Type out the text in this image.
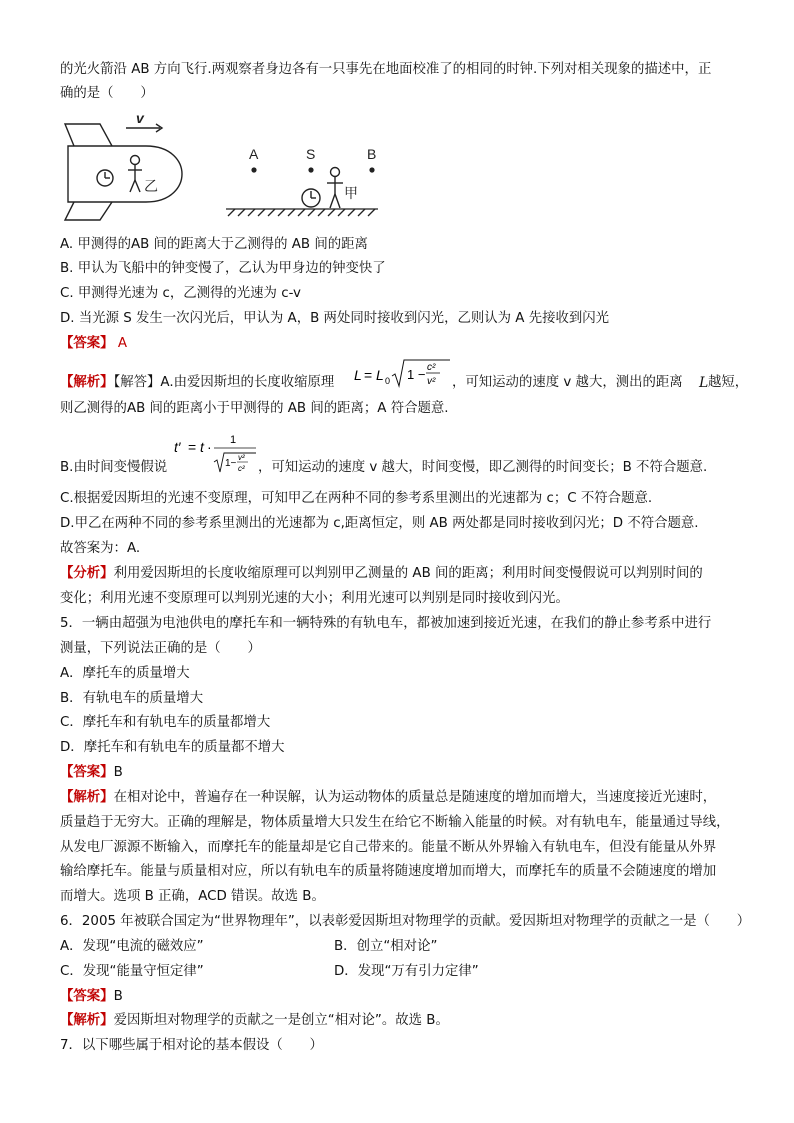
的光火箭沿 AB 方向飞行.两观察者身边各有一只事先在地面校准了的相同的时钟.下列对相关现象的描述中，正
确的是（　　）
乙
v
A	S	B
甲
A. 甲测得的AB 间的距离大于乙测得的 AB 间的距离
B. 甲认为飞船中的钟变慢了，乙认为甲身边的钟变快了
C. 甲测得光速为 c，乙测得的光速为 c-v
D. 当光源 S 发生一次闪光后，甲认为 A，B 两处同时接收到闪光，乙则认为 A 先接收到闪光
【答案】 A
【解析】【解答】A.由爱因斯坦的长度收缩原理 L = L 0 1 − c²
v² ，可知运动的速度 v 越大，测出的距离 L 越短，
则乙测得的AB 间的距离小于甲测得的 AB 间的距离；A 符合题意.
t′ = t · 1
1−
v²
c²
B.由时间变慢假说	，可知运动的速度 v 越大，时间变慢，即乙测得的时间变长；B 不符合题意.
C.根据爱因斯坦的光速不变原理，可知甲乙在两种不同的参考系里测出的光速都为 c；C 不符合题意.
D.甲乙在两种不同的参考系里测出的光速都为 c,距离恒定，则 AB 两处都是同时接收到闪光；D 不符合题意.
故答案为：A.
【分析】利用爱因斯坦的长度收缩原理可以判别甲乙测量的 AB 间的距离；利用时间变慢假说可以判别时间的
变化；利用光速不变原理可以判别光速的大小；利用光速可以判别是同时接收到闪光。
5．一辆由超强为电池供电的摩托车和一辆特殊的有轨电车，都被加速到接近光速，在我们的静止参考系中进行
测量，下列说法正确的是（　　）
A．摩托车的质量增大
B．有轨电车的质量增大
C．摩托车和有轨电车的质量都增大
D．摩托车和有轨电车的质量都不增大
【答案】B
【解析】在相对论中，普遍存在一种误解，认为运动物体的质量总是随速度的增加而增大，当速度接近光速时，
质量趋于无穷大。正确的理解是，物体质量增大只发生在给它不断输入能量的时候。对有轨电车，能量通过导线，
从发电厂源源不断输入，而摩托车的能量却是它自己带来的。能量不断从外界输入有轨电车，但没有能量从外界
输给摩托车。能量与质量相对应，所以有轨电车的质量将随速度增加而增大，而摩托车的质量不会随速度的增加
而增大。选项 B 正确，ACD 错误。故选 B。
6．2005 年被联合国定为“世界物理年”，以表彰爱因斯坦对物理学的贡献。爱因斯坦对物理学的贡献之一是（　　）
A．发现“电流的磁效应”	B．创立“相对论”
C．发现“能量守恒定律”	D．发现“万有引力定律”
【答案】B
【解析】爱因斯坦对物理学的贡献之一是创立“相对论”。故选 B。
7．以下哪些属于相对论的基本假设（　　）
